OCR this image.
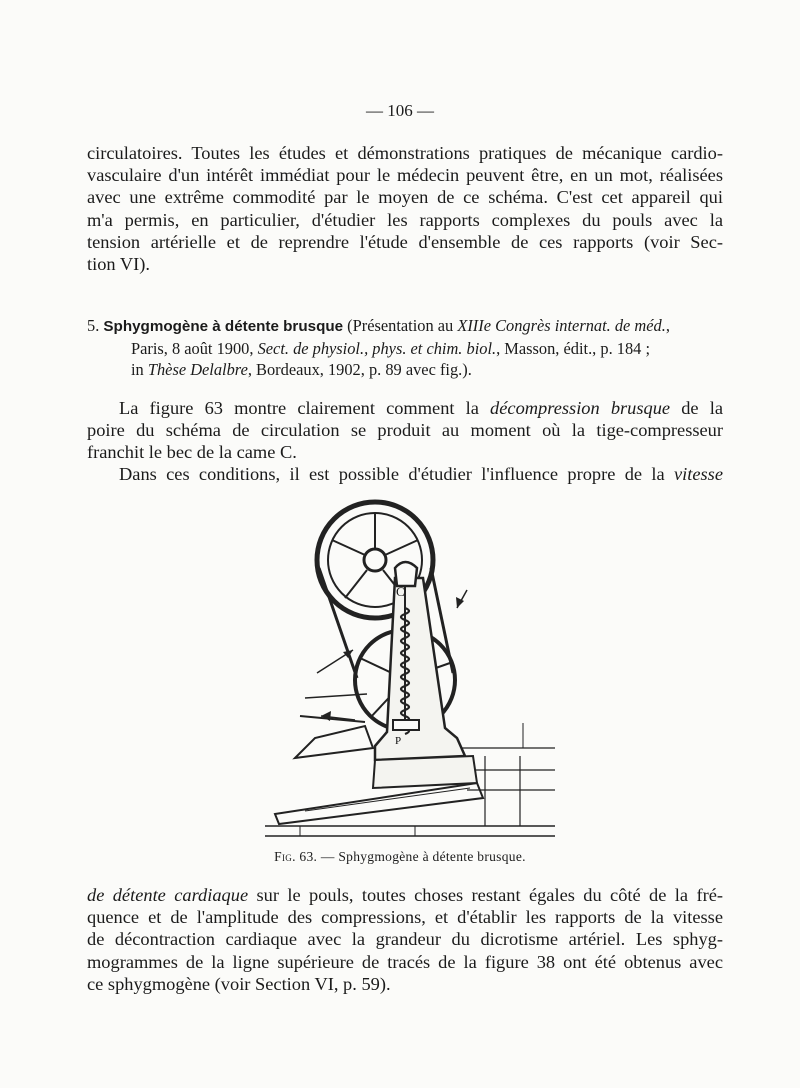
— 106 —
circulatoires. Toutes les études et démonstrations pratiques de mécanique cardio-
vasculaire d'un intérêt immédiat pour le médecin peuvent être, en un mot, réalisées
avec une extrême commodité par le moyen de ce schéma. C'est cet appareil qui
m'a permis, en particulier, d'étudier les rapports complexes du pouls avec la
tension artérielle et de reprendre l'étude d'ensemble de ces rapports (voir Sec-
tion VI).
5. Sphygmogène à détente brusque (Présentation au XIIIe Congrès internat. de méd.,
Paris, 8 août 1900, Sect. de physiol., phys. et chim. biol., Masson, édit., p. 184 ;
in Thèse Delalbre, Bordeaux, 1902, p. 89 avec fig.).
La figure 63 montre clairement comment la décompression brusque de la
poire du schéma de circulation se produit au moment où la tige-compresseur
franchit le bec de la came C.
Dans ces conditions, il est possible d'étudier l'influence propre de la vitesse
C
P
Fig. 63. — Sphygmogène à détente brusque.
de détente cardiaque sur le pouls, toutes choses restant égales du côté de la fré-
quence et de l'amplitude des compressions, et d'établir les rapports de la vitesse
de décontraction cardiaque avec la grandeur du dicrotisme artériel. Les sphyg-
mogrammes de la ligne supérieure de tracés de la figure 38 ont été obtenus avec
ce sphygmogène (voir Section VI, p. 59).
